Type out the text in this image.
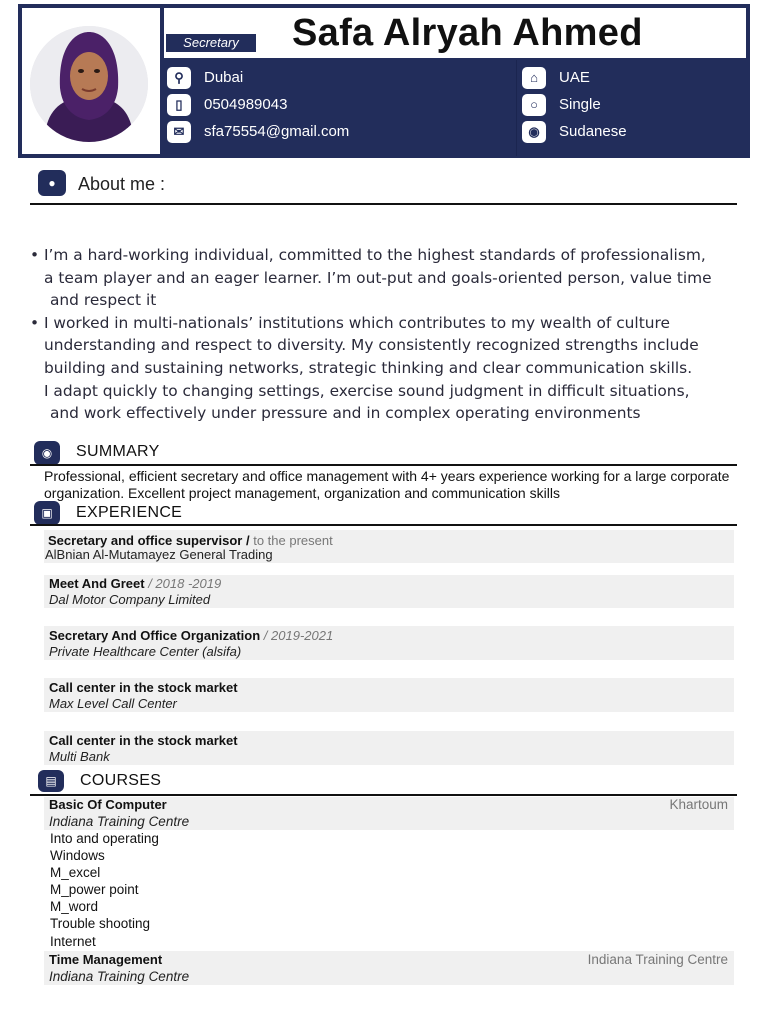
Secretary	Safa Alryah Ahmed
⚲	Dubai
▯	0504989043
✉	sfa75554@gmail.com
⌂	UAE
○	Single
◉	Sudanese
●	About me :
• I’m a hard-working individual, committed to the highest standards of professionalism,
a team player and an eager learner. I’m out-put and goals-oriented person, value time
and respect it
• I worked in multi-nationals’ institutions which contributes to my wealth of culture
understanding and respect to diversity. My consistently recognized strengths include
building and sustaining networks, strategic thinking and clear communication skills.
I adapt quickly to changing settings, exercise sound judgment in difficult situations,
and work effectively under pressure and in complex operating environments
◉	SUMMARY
Professional, efficient secretary and office management with 4+ years experience working for a large corporate organization. Excellent project management, organization and communication skills
▣	EXPERIENCE
Secretary and office supervisor / to the present
AlBnian Al-Mutamayez General Trading
Meet And Greet / 2018 -2019
Dal Motor Company Limited
Secretary And Office Organization / 2019-2021
Private Healthcare Center (alsifa)
Call center in the stock market
Max Level Call Center
Call center in the stock market
Multi Bank
▤	COURSES
Basic Of Computer	Khartoum
Indiana Training Centre
Into and operating
Windows
M_excel
M_power point
M_word
Trouble shooting
Internet
Time Management	Indiana Training Centre
Indiana Training Centre
